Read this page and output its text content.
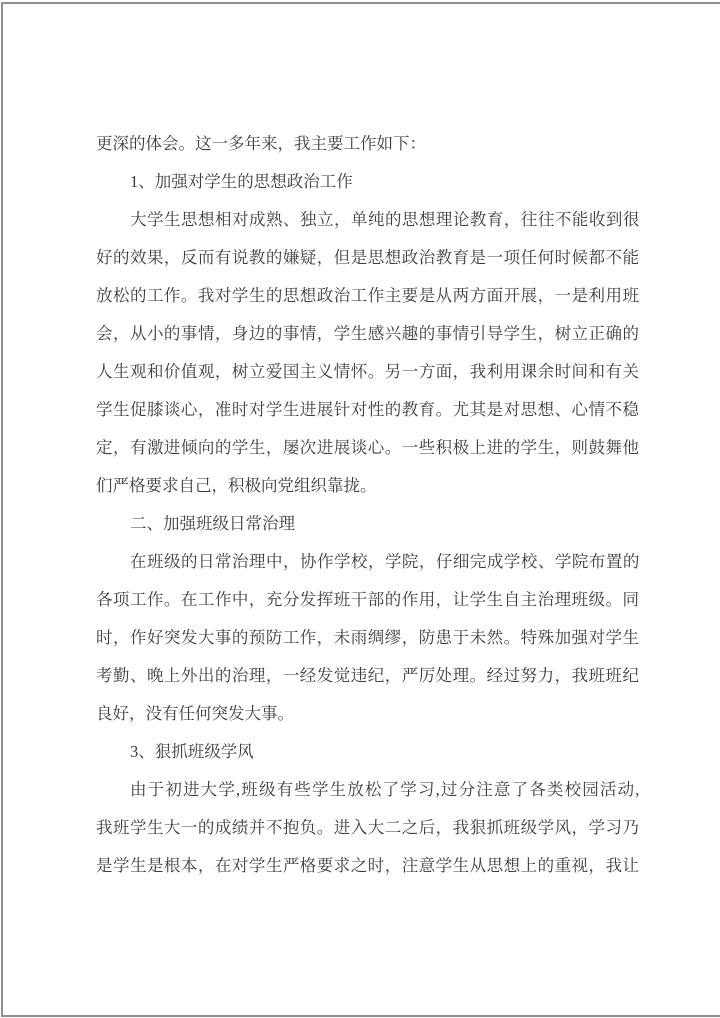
更深的体会。这一多年来，我主要工作如下：
1、加强对学生的思想政治工作
大学生思想相对成熟、独立，单纯的思想理论教育，往往不能收到很
好的效果，反而有说教的嫌疑，但是思想政治教育是一项任何时候都不能
放松的工作。我对学生的思想政治工作主要是从两方面开展，一是利用班
会，从小的事情，身边的事情，学生感兴趣的事情引导学生，树立正确的
人生观和价值观，树立爱国主义情怀。另一方面，我利用课余时间和有关
学生促膝谈心，准时对学生进展针对性的教育。尤其是对思想、心情不稳
定，有激进倾向的学生，屡次进展谈心。一些积极上进的学生，则鼓舞他
们严格要求自己，积极向党组织靠拢。
二、加强班级日常治理
在班级的日常治理中，协作学校，学院，仔细完成学校、学院布置的
各项工作。在工作中，充分发挥班干部的作用，让学生自主治理班级。同
时，作好突发大事的预防工作，未雨绸缪，防患于未然。特殊加强对学生
考勤、晚上外出的治理，一经发觉违纪，严厉处理。经过努力，我班班纪
良好，没有任何突发大事。
3、狠抓班级学风
由于初进大学,班级有些学生放松了学习,过分注意了各类校园活动,
我班学生大一的成绩并不抱负。进入大二之后，我狠抓班级学风，学习乃
是学生是根本，在对学生严格要求之时，注意学生从思想上的重视，我让
